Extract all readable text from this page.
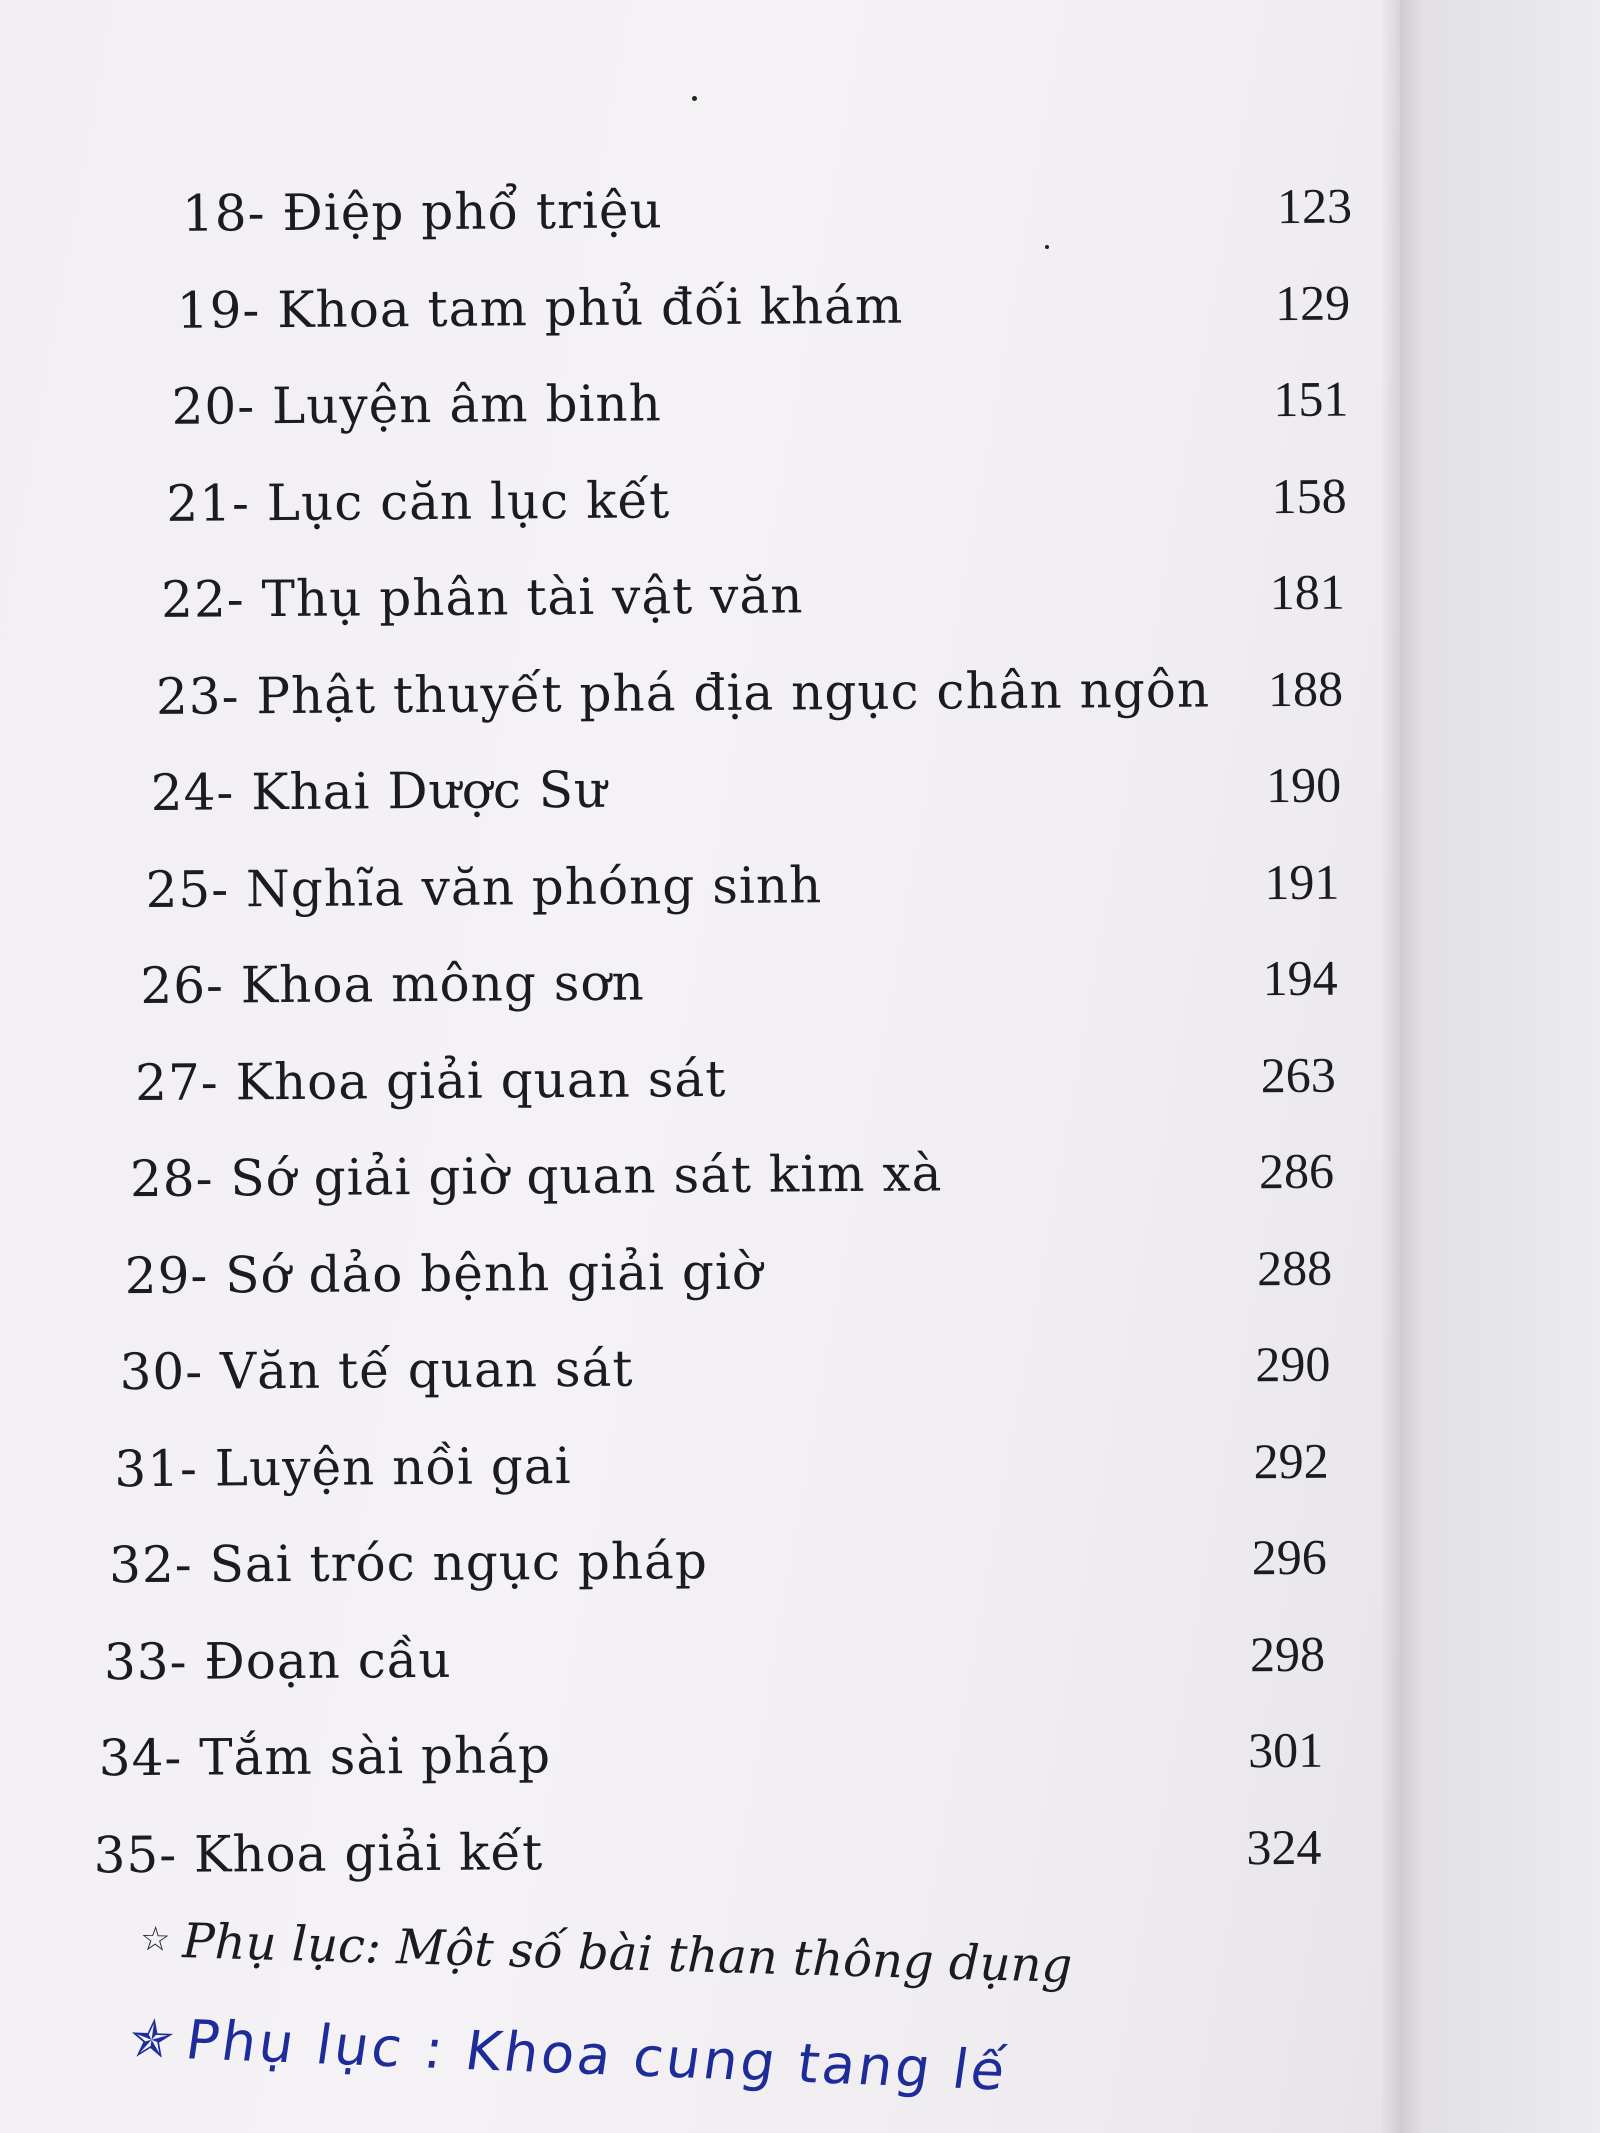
18- Điệp phổ triệu	123
19- Khoa tam phủ đối khám	129
20- Luyện âm binh	151
21- Lục căn lục kết	158
22- Thụ phân tài vật văn	181
23- Phật thuyết phá địa ngục chân ngôn	188
24- Khai Dược Sư	190
25- Nghĩa văn phóng sinh	191
26- Khoa mông sơn	194
27- Khoa giải quan sát	263
28- Sớ giải giờ quan sát kim xà	286
29- Sớ dảo bệnh giải giờ	288
30- Văn tế quan sát	290
31- Luyện nồi gai	292
32- Sai tróc ngục pháp	296
33- Đoạn cầu	298
34- Tắm sài pháp	301
35- Khoa giải kết	324
☆ Phụ lục: Một số bài than thông dụng
✯Phụ lục : Khoa cung tang lế
